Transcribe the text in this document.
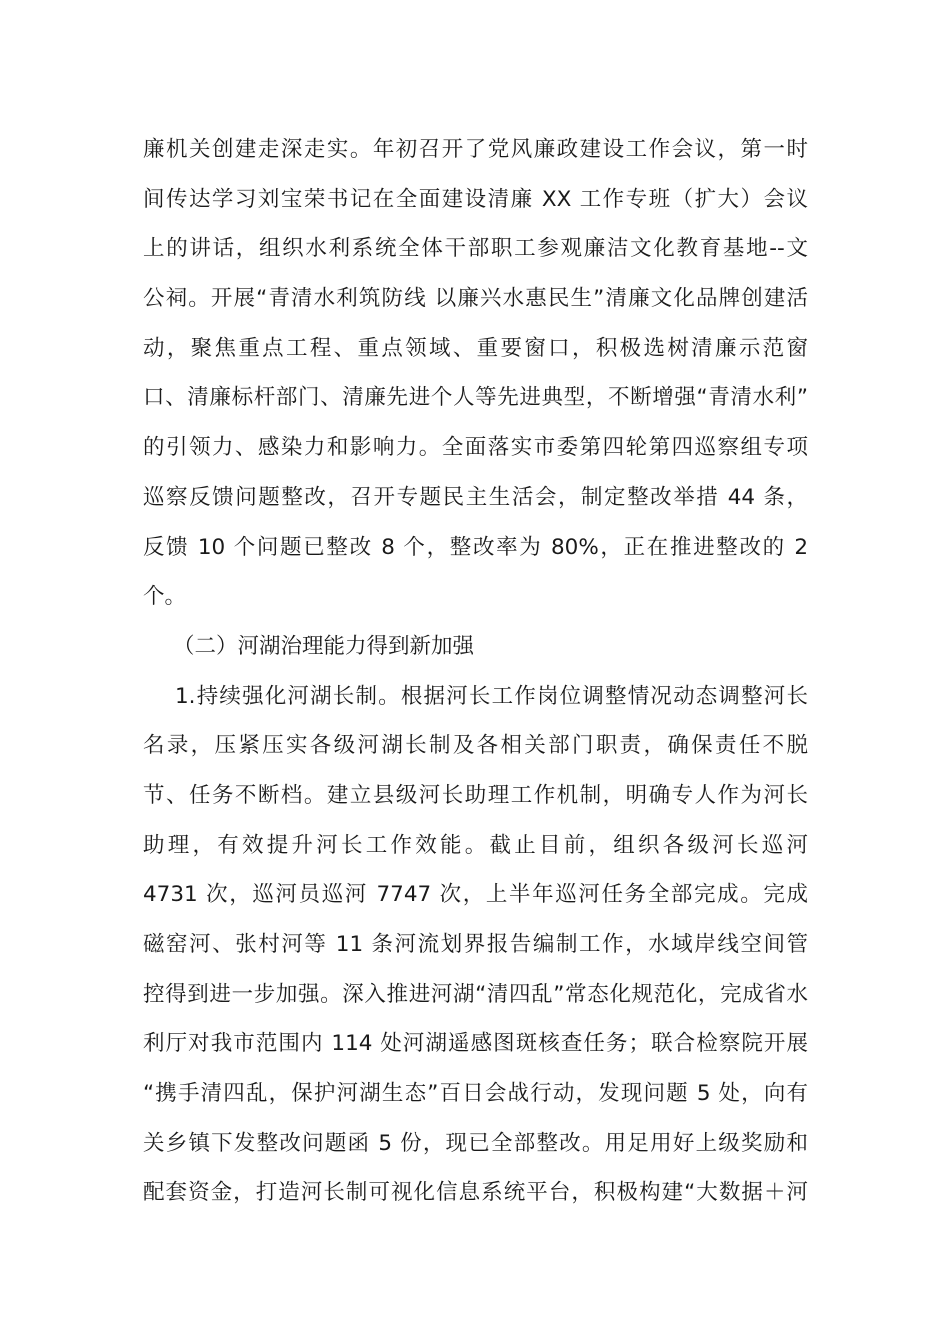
廉机关创建走深走实。年初召开了党风廉政建设工作会议，第一时
间传达学习刘宝荣书记在全面建设清廉 XX 工作专班（扩大）会议
上的讲话，组织水利系统全体干部职工参观廉洁文化教育基地--文
公祠。开展“青清水利筑防线 以廉兴水惠民生”清廉文化品牌创建活
动，聚焦重点工程、重点领域、重要窗口，积极选树清廉示范窗
口、清廉标杆部门、清廉先进个人等先进典型，不断增强“青清水利”
的引领力、感染力和影响力。全面落实市委第四轮第四巡察组专项
巡察反馈问题整改，召开专题民主生活会，制定整改举措 44 条，
反馈 10 个问题已整改 8 个，整改率为 80%，正在推进整改的 2
个。
（二）河湖治理能力得到新加强
1.持续强化河湖长制。根据河长工作岗位调整情况动态调整河长
名录，压紧压实各级河湖长制及各相关部门职责，确保责任不脱
节、任务不断档。建立县级河长助理工作机制，明确专人作为河长
助理，有效提升河长工作效能。截止目前，组织各级河长巡河
4731 次，巡河员巡河 7747 次，上半年巡河任务全部完成。完成
磁窑河、张村河等 11 条河流划界报告编制工作，水域岸线空间管
控得到进一步加强。深入推进河湖“清四乱”常态化规范化，完成省水
利厅对我市范围内 114 处河湖遥感图斑核查任务；联合检察院开展
“携手清四乱，保护河湖生态”百日会战行动，发现问题 5 处，向有
关乡镇下发整改问题函 5 份，现已全部整改。用足用好上级奖励和
配套资金，打造河长制可视化信息系统平台，积极构建“大数据＋河
